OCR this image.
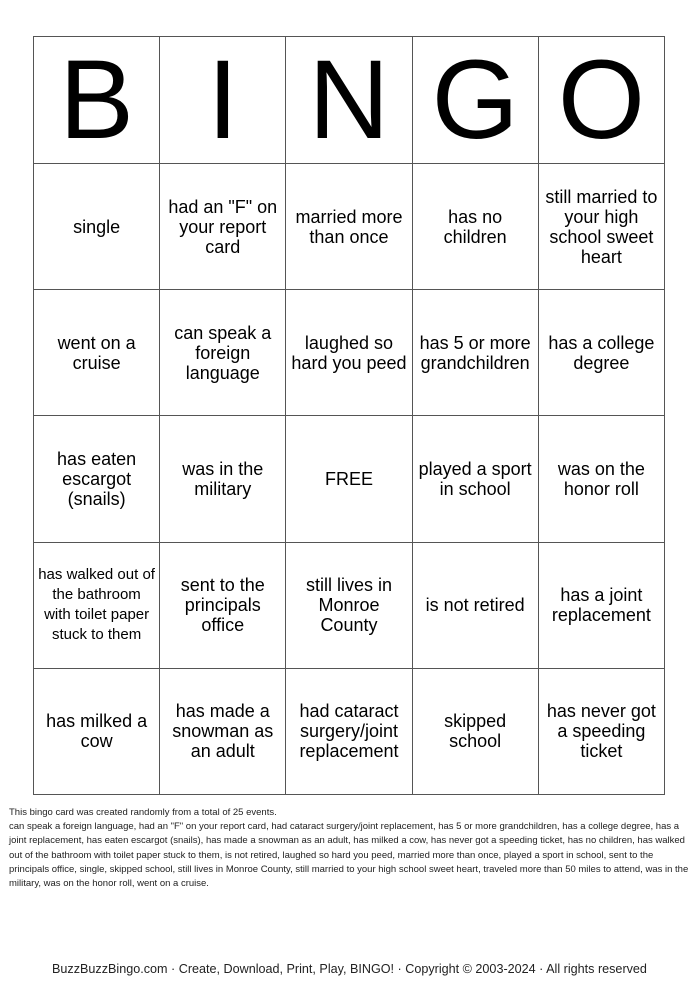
B	I	N	G	O
single	had an "F" on your report card	married more than once	has no children	still married to your high school sweet heart
went on a cruise	can speak a foreign language	laughed so hard you peed	has 5 or more grandchildren	has a college degree
has eaten escargot (snails)	was in the military	FREE	played a sport in school	was on the honor roll
has walked out of the bathroom with toilet paper stuck to them	sent to the principals office	still lives in Monroe County	is not retired	has a joint replacement
has milked a cow	has made a snowman as an adult	had cataract surgery/joint replacement	skipped school	has never got a speeding ticket
This bingo card was created randomly from a total of 25 events.
can speak a foreign language, had an "F" on your report card, had cataract surgery/joint replacement, has 5 or more grandchildren, has a college degree, has a joint replacement, has eaten escargot (snails), has made a snowman as an adult, has milked a cow, has never got a speeding ticket, has no children, has walked out of the bathroom with toilet paper stuck to them, is not retired, laughed so hard you peed, married more than once, played a sport in school, sent to the principals office, single, skipped school, still lives in Monroe County, still married to your high school sweet heart, traveled more than 50 miles to attend, was in the military, was on the honor roll, went on a cruise.
BuzzBuzzBingo.com · Create, Download, Print, Play, BINGO! · Copyright © 2003-2024 · All rights reserved
